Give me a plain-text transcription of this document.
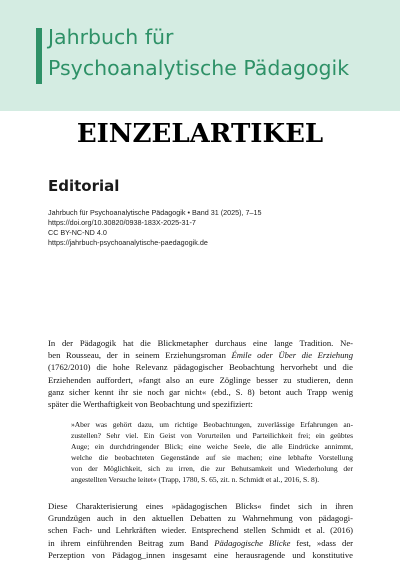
Jahrbuch für
Psychoanalytische Pädagogik
EINZELARTIKEL
Editorial
Jahrbuch für Psychoanalytische Pädagogik • Band 31 (2025), 7–15
https://doi.org/10.30820/0938-183X-2025-31-7
CC BY-NC-ND 4.0
https://jahrbuch-psychoanalytische-paedagogik.de
In der Pädagogik hat die Blickmetapher durchaus eine lange Tradition. Ne-
ben Rousseau, der in seinem Erziehungsroman Émile oder Über die Erziehung
(1762/2010) die hohe Relevanz pädagogischer Beobachtung hervorhebt und die
Erziehenden auffordert, »fangt also an eure Zöglinge besser zu studieren, denn
ganz sicher kennt ihr sie noch gar nicht« (ebd., S. 8) betont auch Trapp wenig
später die Werthaftigkeit von Beobachtung und spezifiziert:
»Aber was gehört dazu, um richtige Beobachtungen, zuverlässige Erfahrungen an-
zustellen? Sehr viel. Ein Geist von Vorurteilen und Parteilichkeit frei; ein geübtes
Auge; ein durchdringender Blick; eine weiche Seele, die alle Eindrücke annimmt,
welche die beobachteten Gegenstände auf sie machen; eine lebhafte Vorstellung
von der Möglichkeit, sich zu irren, die zur Behutsamkeit und Wiederholung der
angestellten Versuche leitet« (Trapp, 1780, S. 65, zit. n. Schmidt et al., 2016, S. 8).
Diese Charakterisierung eines »pädagogischen Blicks« findet sich in ihren
Grundzügen auch in den aktuellen Debatten zu Wahrnehmung von pädagogi-
schen Fach- und Lehrkräften wieder. Entsprechend stellen Schmidt et al. (2016)
in ihrem einführenden Beitrag zum Band Pädagogische Blicke fest, »dass der
Perzeption von Pädagog_innen insgesamt eine herausragende und konstitutive
